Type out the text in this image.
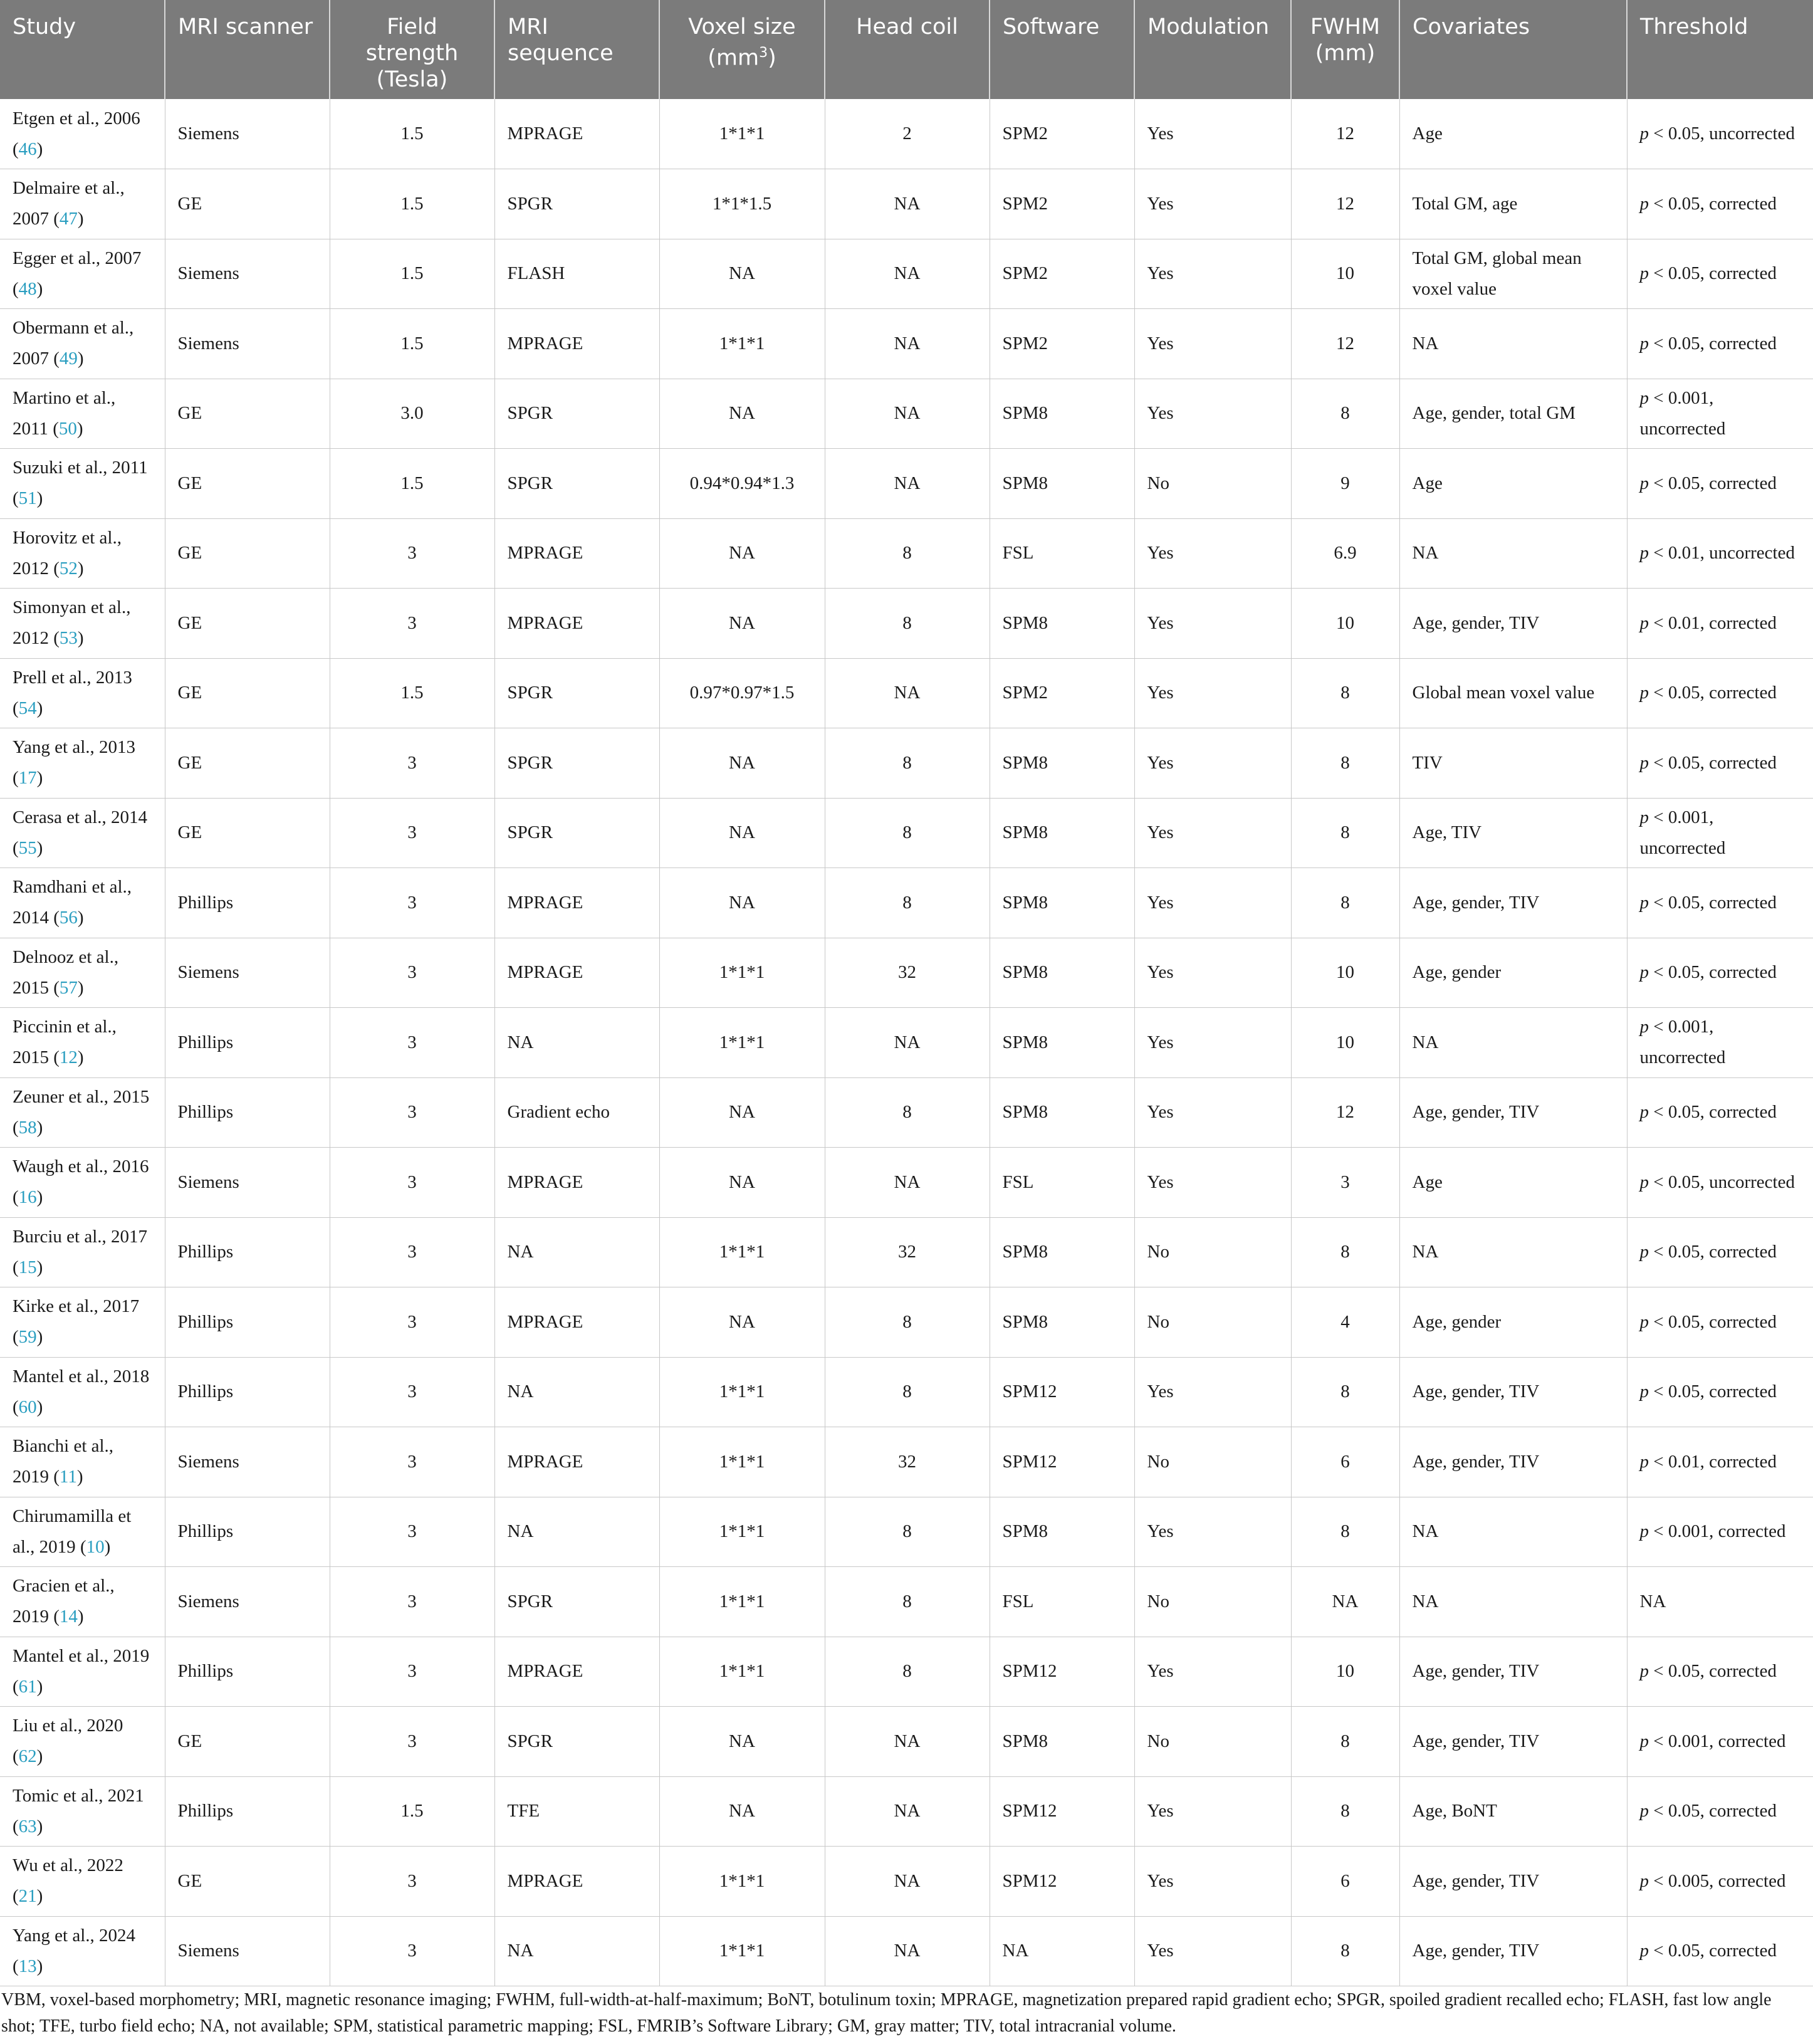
Study	MRI scanner	Field strength (Tesla)	MRI sequence	Voxel size $(mm^3)$	Head coil	Software	Modulation	FWHM (mm)	Covariates	Threshold
Etgen et al., 2006 (46)	Siemens	1.5	MPRAGE	1*1*1	2	SPM2	Yes	12	Age	p < 0.05, uncorrected
Delmaire et al., 2007 (47)	GE	1.5	SPGR	1*1*1.5	NA	SPM2	Yes	12	Total GM, age	p < 0.05, corrected
Egger et al., 2007 (48)	Siemens	1.5	FLASH	NA	NA	SPM2	Yes	10	Total GM, global mean voxel value	p < 0.05, corrected
Obermann et al., 2007 (49)	Siemens	1.5	MPRAGE	1*1*1	NA	SPM2	Yes	12	NA	p < 0.05, corrected
Martino et al., 2011 (50)	GE	3.0	SPGR	NA	NA	SPM8	Yes	8	Age, gender, total GM	p < 0.001, uncorrected
Suzuki et al., 2011 (51)	GE	1.5	SPGR	0.94*0.94*1.3	NA	SPM8	No	9	Age	p < 0.05, corrected
Horovitz et al., 2012 (52)	GE	3	MPRAGE	NA	8	FSL	Yes	6.9	NA	p < 0.01, uncorrected
Simonyan et al., 2012 (53)	GE	3	MPRAGE	NA	8	SPM8	Yes	10	Age, gender, TIV	p < 0.01, corrected
Prell et al., 2013 (54)	GE	1.5	SPGR	0.97*0.97*1.5	NA	SPM2	Yes	8	Global mean voxel value	p < 0.05, corrected
Yang et al., 2013 (17)	GE	3	SPGR	NA	8	SPM8	Yes	8	TIV	p < 0.05, corrected
Cerasa et al., 2014 (55)	GE	3	SPGR	NA	8	SPM8	Yes	8	Age, TIV	p < 0.001, uncorrected
Ramdhani et al., 2014 (56)	Phillips	3	MPRAGE	NA	8	SPM8	Yes	8	Age, gender, TIV	p < 0.05, corrected
Delnooz et al., 2015 (57)	Siemens	3	MPRAGE	1*1*1	32	SPM8	Yes	10	Age, gender	p < 0.05, corrected
Piccinin et al., 2015 (12)	Phillips	3	NA	1*1*1	NA	SPM8	Yes	10	NA	p < 0.001, uncorrected
Zeuner et al., 2015 (58)	Phillips	3	Gradient echo	NA	8	SPM8	Yes	12	Age, gender, TIV	p < 0.05, corrected
Waugh et al., 2016 (16)	Siemens	3	MPRAGE	NA	NA	FSL	Yes	3	Age	p < 0.05, uncorrected
Burciu et al., 2017 (15)	Phillips	3	NA	1*1*1	32	SPM8	No	8	NA	p < 0.05, corrected
Kirke et al., 2017 (59)	Phillips	3	MPRAGE	NA	8	SPM8	No	4	Age, gender	p < 0.05, corrected
Mantel et al., 2018 (60)	Phillips	3	NA	1*1*1	8	SPM12	Yes	8	Age, gender, TIV	p < 0.05, corrected
Bianchi et al., 2019 (11)	Siemens	3	MPRAGE	1*1*1	32	SPM12	No	6	Age, gender, TIV	p < 0.01, corrected
Chirumamilla et al., 2019 (10)	Phillips	3	NA	1*1*1	8	SPM8	Yes	8	NA	p < 0.001, corrected
Gracien et al., 2019 (14)	Siemens	3	SPGR	1*1*1	8	FSL	No	NA	NA	NA
Mantel et al., 2019 (61)	Phillips	3	MPRAGE	1*1*1	8	SPM12	Yes	10	Age, gender, TIV	p < 0.05, corrected
Liu et al., 2020 (62)	GE	3	SPGR	NA	NA	SPM8	No	8	Age, gender, TIV	p < 0.001, corrected
Tomic et al., 2021 (63)	Phillips	1.5	TFE	NA	NA	SPM12	Yes	8	Age, BoNT	p < 0.05, corrected
Wu et al., 2022 (21)	GE	3	MPRAGE	1*1*1	NA	SPM12	Yes	6	Age, gender, TIV	p < 0.005, corrected
Yang et al., 2024 (13)	Siemens	3	NA	1*1*1	NA	NA	Yes	8	Age, gender, TIV	p < 0.05, corrected

VBM, voxel-based morphometry; MRI, magnetic resonance imaging; FWHM, full-width-at-half-maximum; BoNT, botulinum toxin; MPRAGE, magnetization prepared rapid gradient echo; SPGR, spoiled gradient recalled echo; FLASH, fast low angle shot; TFE, turbo field echo; NA, not available; SPM, statistical parametric mapping; FSL, FMRIB’s Software Library; GM, gray matter; TIV, total intracranial volume.
